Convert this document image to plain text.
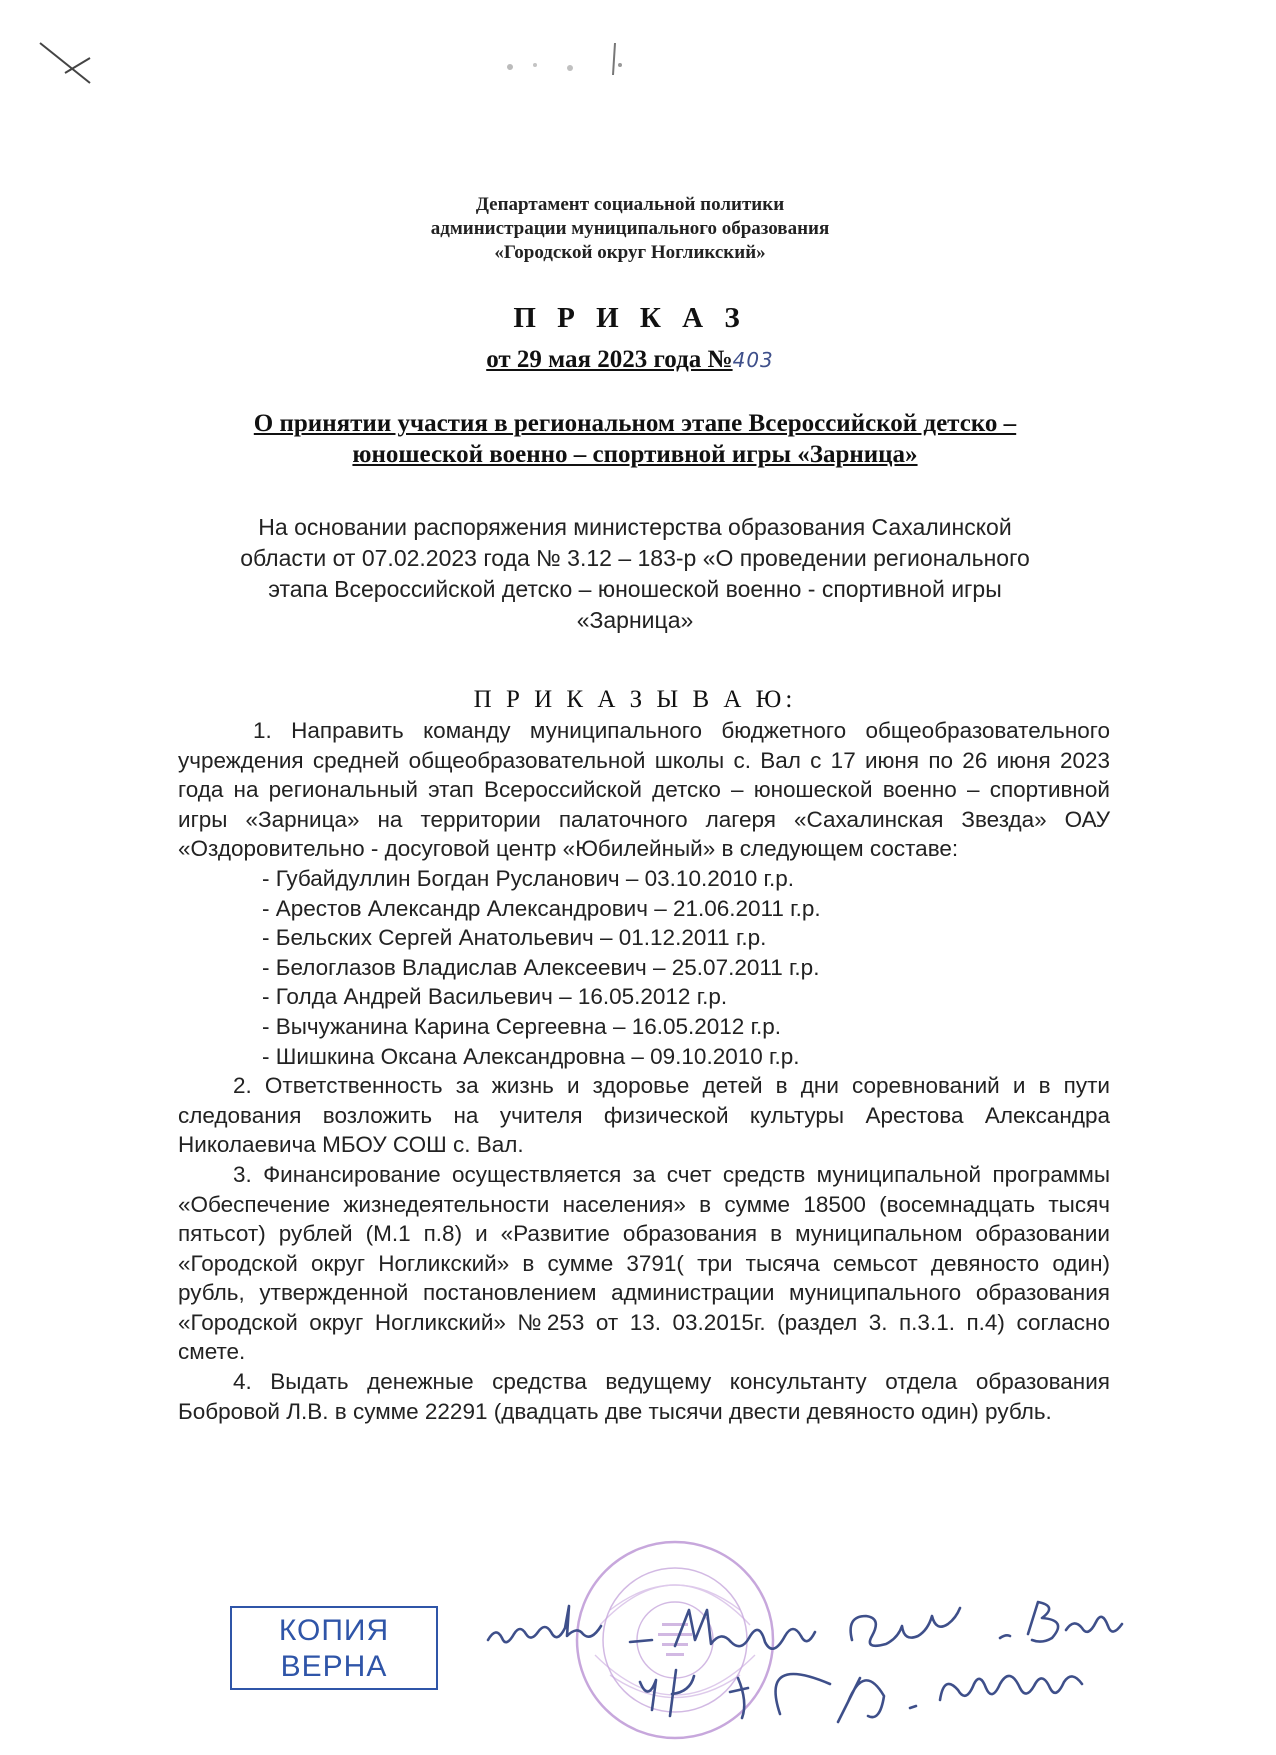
Департамент социальной политики
администрации муниципального образования
«Городской округ Ногликский»
П Р И К А З
от 29 мая 2023 года №403
О принятии участия в региональном этапе Всероссийской детско – юношеской военно – спортивной игры «Зарница»
На основании распоряжения министерства образования Сахалинской
области от 07.02.2023 года № 3.12 – 183-р «О проведении регионального
этапа Всероссийской детско – юношеской военно - спортивной игры
«Зарница»
П Р И К А З Ы В А Ю:

1. Направить команду муниципального бюджетного общеобразовательного учреждения средней общеобразовательной школы с. Вал с 17 июня по 26 июня 2023 года на региональный этап Всероссийской детско – юношеской военно – спортивной игры «Зарница» на территории палаточного лагеря «Сахалинская Звезда» ОАУ «Оздоровительно - досуговой центр «Юбилейный» в следующем составе:

- Губайдуллин Богдан Русланович – 03.10.2010 г.р.
- Арестов Александр Александрович – 21.06.2011 г.р.
- Бельских Сергей Анатольевич – 01.12.2011 г.р.
- Белоглазов Владислав Алексеевич – 25.07.2011 г.р.
- Голда Андрей Васильевич – 16.05.2012 г.р.
- Вычужанина Карина Сергеевна – 16.05.2012 г.р.
- Шишкина Оксана Александровна – 09.10.2010 г.р.

2. Ответственность за жизнь и здоровье детей в дни соревнований и в пути следования возложить на учителя физической культуры Арестова Александра Николаевича МБОУ СОШ с. Вал.

3. Финансирование осуществляется за счет средств муниципальной программы «Обеспечение жизнедеятельности населения» в сумме 18500 (восемнадцать тысяч пятьсот) рублей (М.1 п.8) и «Развитие образования в муниципальном образовании «Городской округ Ногликский» в сумме 3791( три тысяча семьсот девяносто один) рубль, утвержденной постановлением администрации муниципального образования «Городской округ Ногликский» №253 от 13. 03.2015г. (раздел 3. п.3.1. п.4) согласно смете.

4. Выдать денежные средства ведущему консультанту отдела образования Бобровой Л.В. в сумме 22291 (двадцать две тысячи двести девяносто один) рубль.

КОПИЯ
ВЕРНА
